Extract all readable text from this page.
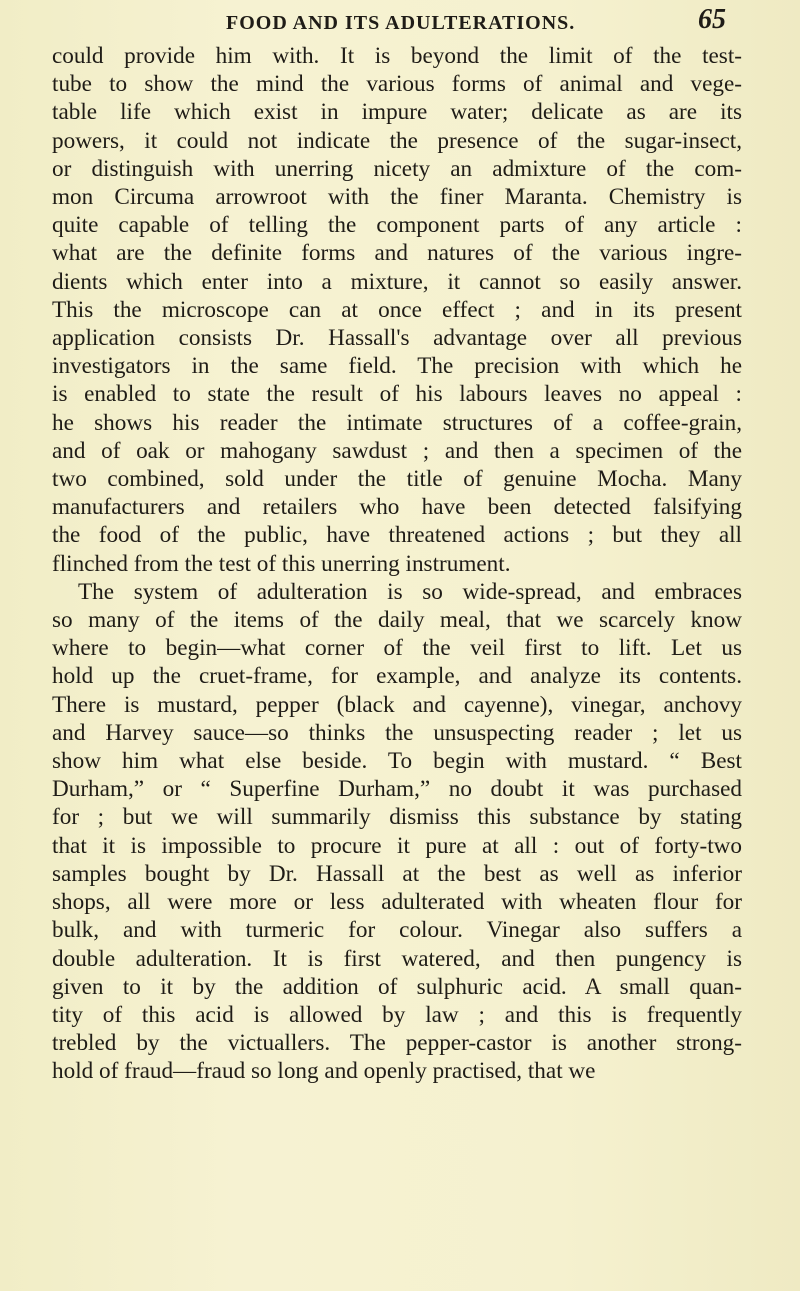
FOOD AND ITS ADULTERATIONS.	65
could provide him with. It is beyond the limit of the test-
tube to show the mind the various forms of animal and vege-
table life which exist in impure water; delicate as are its
powers, it could not indicate the presence of the sugar-insect,
or distinguish with unerring nicety an admixture of the com-
mon Circuma arrowroot with the finer Maranta. Chemistry is
quite capable of telling the component parts of any article :
what are the definite forms and natures of the various ingre-
dients which enter into a mixture, it cannot so easily answer.
This the microscope can at once effect ; and in its present
application consists Dr. Hassall's advantage over all previous
investigators in the same field. The precision with which he
is enabled to state the result of his labours leaves no appeal :
he shows his reader the intimate structures of a coffee-grain,
and of oak or mahogany sawdust ; and then a specimen of the
two combined, sold under the title of genuine Mocha. Many
manufacturers and retailers who have been detected falsifying
the food of the public, have threatened actions ; but they all
flinched from the test of this unerring instrument.
The system of adulteration is so wide-spread, and embraces
so many of the items of the daily meal, that we scarcely know
where to begin—what corner of the veil first to lift. Let us
hold up the cruet-frame, for example, and analyze its contents.
There is mustard, pepper (black and cayenne), vinegar, anchovy
and Harvey sauce—so thinks the unsuspecting reader ; let us
show him what else beside. To begin with mustard. “ Best
Durham,” or “ Superfine Durham,” no doubt it was purchased
for ; but we will summarily dismiss this substance by stating
that it is impossible to procure it pure at all : out of forty-two
samples bought by Dr. Hassall at the best as well as inferior
shops, all were more or less adulterated with wheaten flour for
bulk, and with turmeric for colour. Vinegar also suffers a
double adulteration. It is first watered, and then pungency is
given to it by the addition of sulphuric acid. A small quan-
tity of this acid is allowed by law ; and this is frequently
trebled by the victuallers. The pepper-castor is another strong-
hold of fraud—fraud so long and openly practised, that we
